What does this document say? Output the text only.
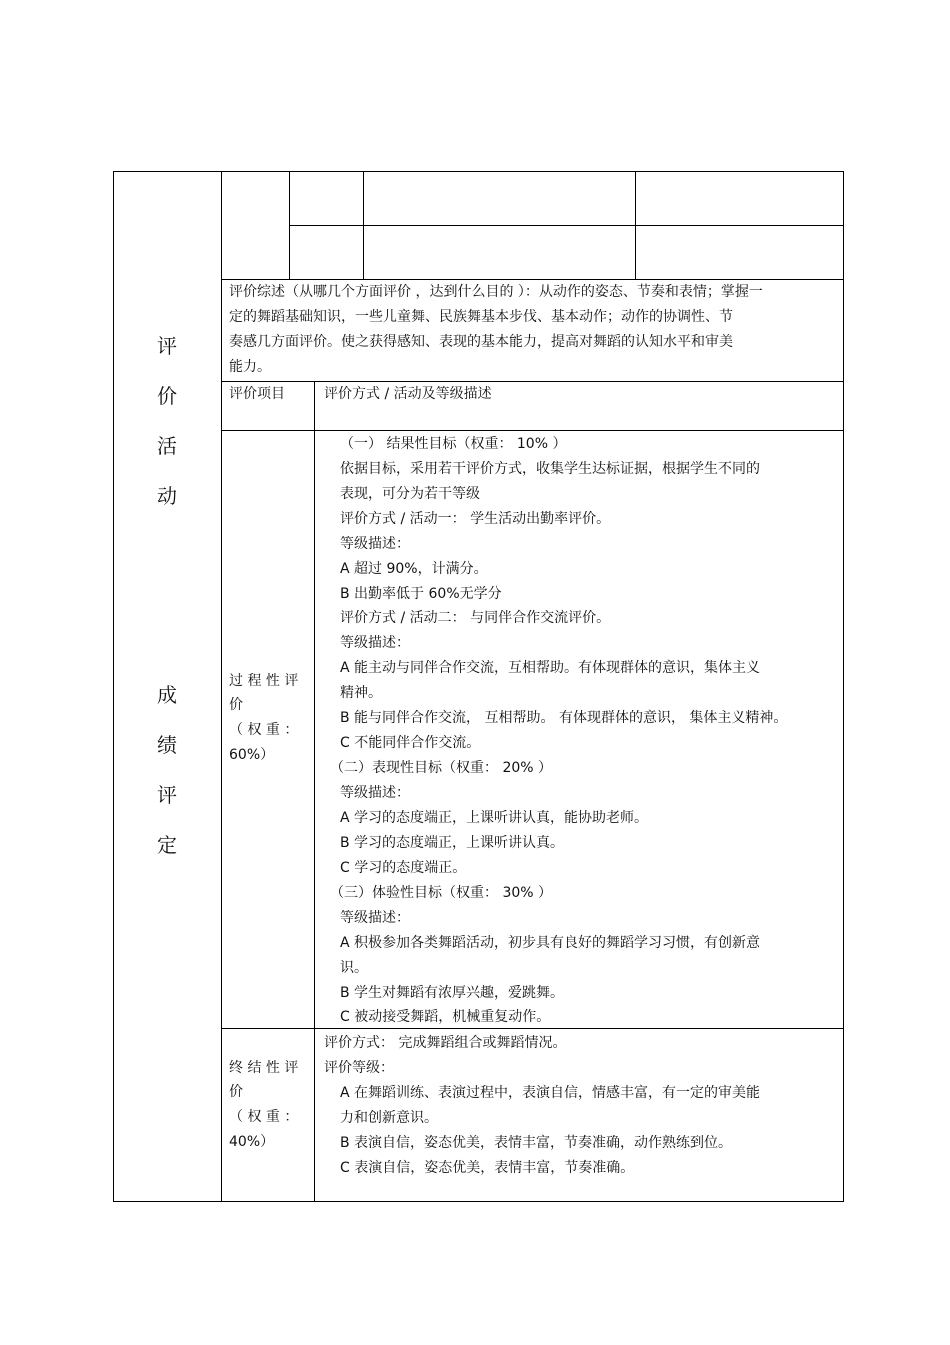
评
价
活
动
成
绩
评
定
评价综述（从哪几个方面评价 ，达到什么目的 ）：从动作的姿态、节奏和表情；掌握一
定的舞蹈基础知识，一些儿童舞、民族舞基本步伐、基本动作；动作的协调性、节
奏感几方面评价。使之获得感知、表现的基本能力，提高对舞蹈的认知水平和审美
能力。
评价项目	评价方式 / 活动及等级描述
过 程 性 评
价
（ 权 重 ：
60%）
（一） 结果性目标（权重： 10% ）
依据目标，采用若干评价方式，收集学生达标证据，根据学生不同的
表现，可分为若干等级
评价方式 / 活动一： 学生活动出勤率评价。
等级描述：
A 超过 90%，计满分。
B 出勤率低于 60%无学分
评价方式 / 活动二： 与同伴合作交流评价。
等级描述：
A 能主动与同伴合作交流，互相帮助。有体现群体的意识，集体主义
精神。
B 能与同伴合作交流， 互相帮助。 有体现群体的意识， 集体主义精神。
C 不能同伴合作交流。
（二）表现性目标（权重： 20% ）
等级描述：
A 学习的态度端正，上课听讲认真，能协助老师。
B 学习的态度端正，上课听讲认真。
C 学习的态度端正。
（三）体验性目标（权重： 30% ）
等级描述：
A 积极参加各类舞蹈活动，初步具有良好的舞蹈学习习惯，有创新意
识。
B 学生对舞蹈有浓厚兴趣，爱跳舞。
C 被动接受舞蹈，机械重复动作。
终 结 性 评
价
（ 权 重 ：
40%）
评价方式： 完成舞蹈组合或舞蹈情况。
评价等级：
A 在舞蹈训练、表演过程中，表演自信，情感丰富，有一定的审美能
力和创新意识。
B 表演自信，姿态优美，表情丰富，节奏准确，动作熟练到位。
C 表演自信，姿态优美，表情丰富，节奏准确。
